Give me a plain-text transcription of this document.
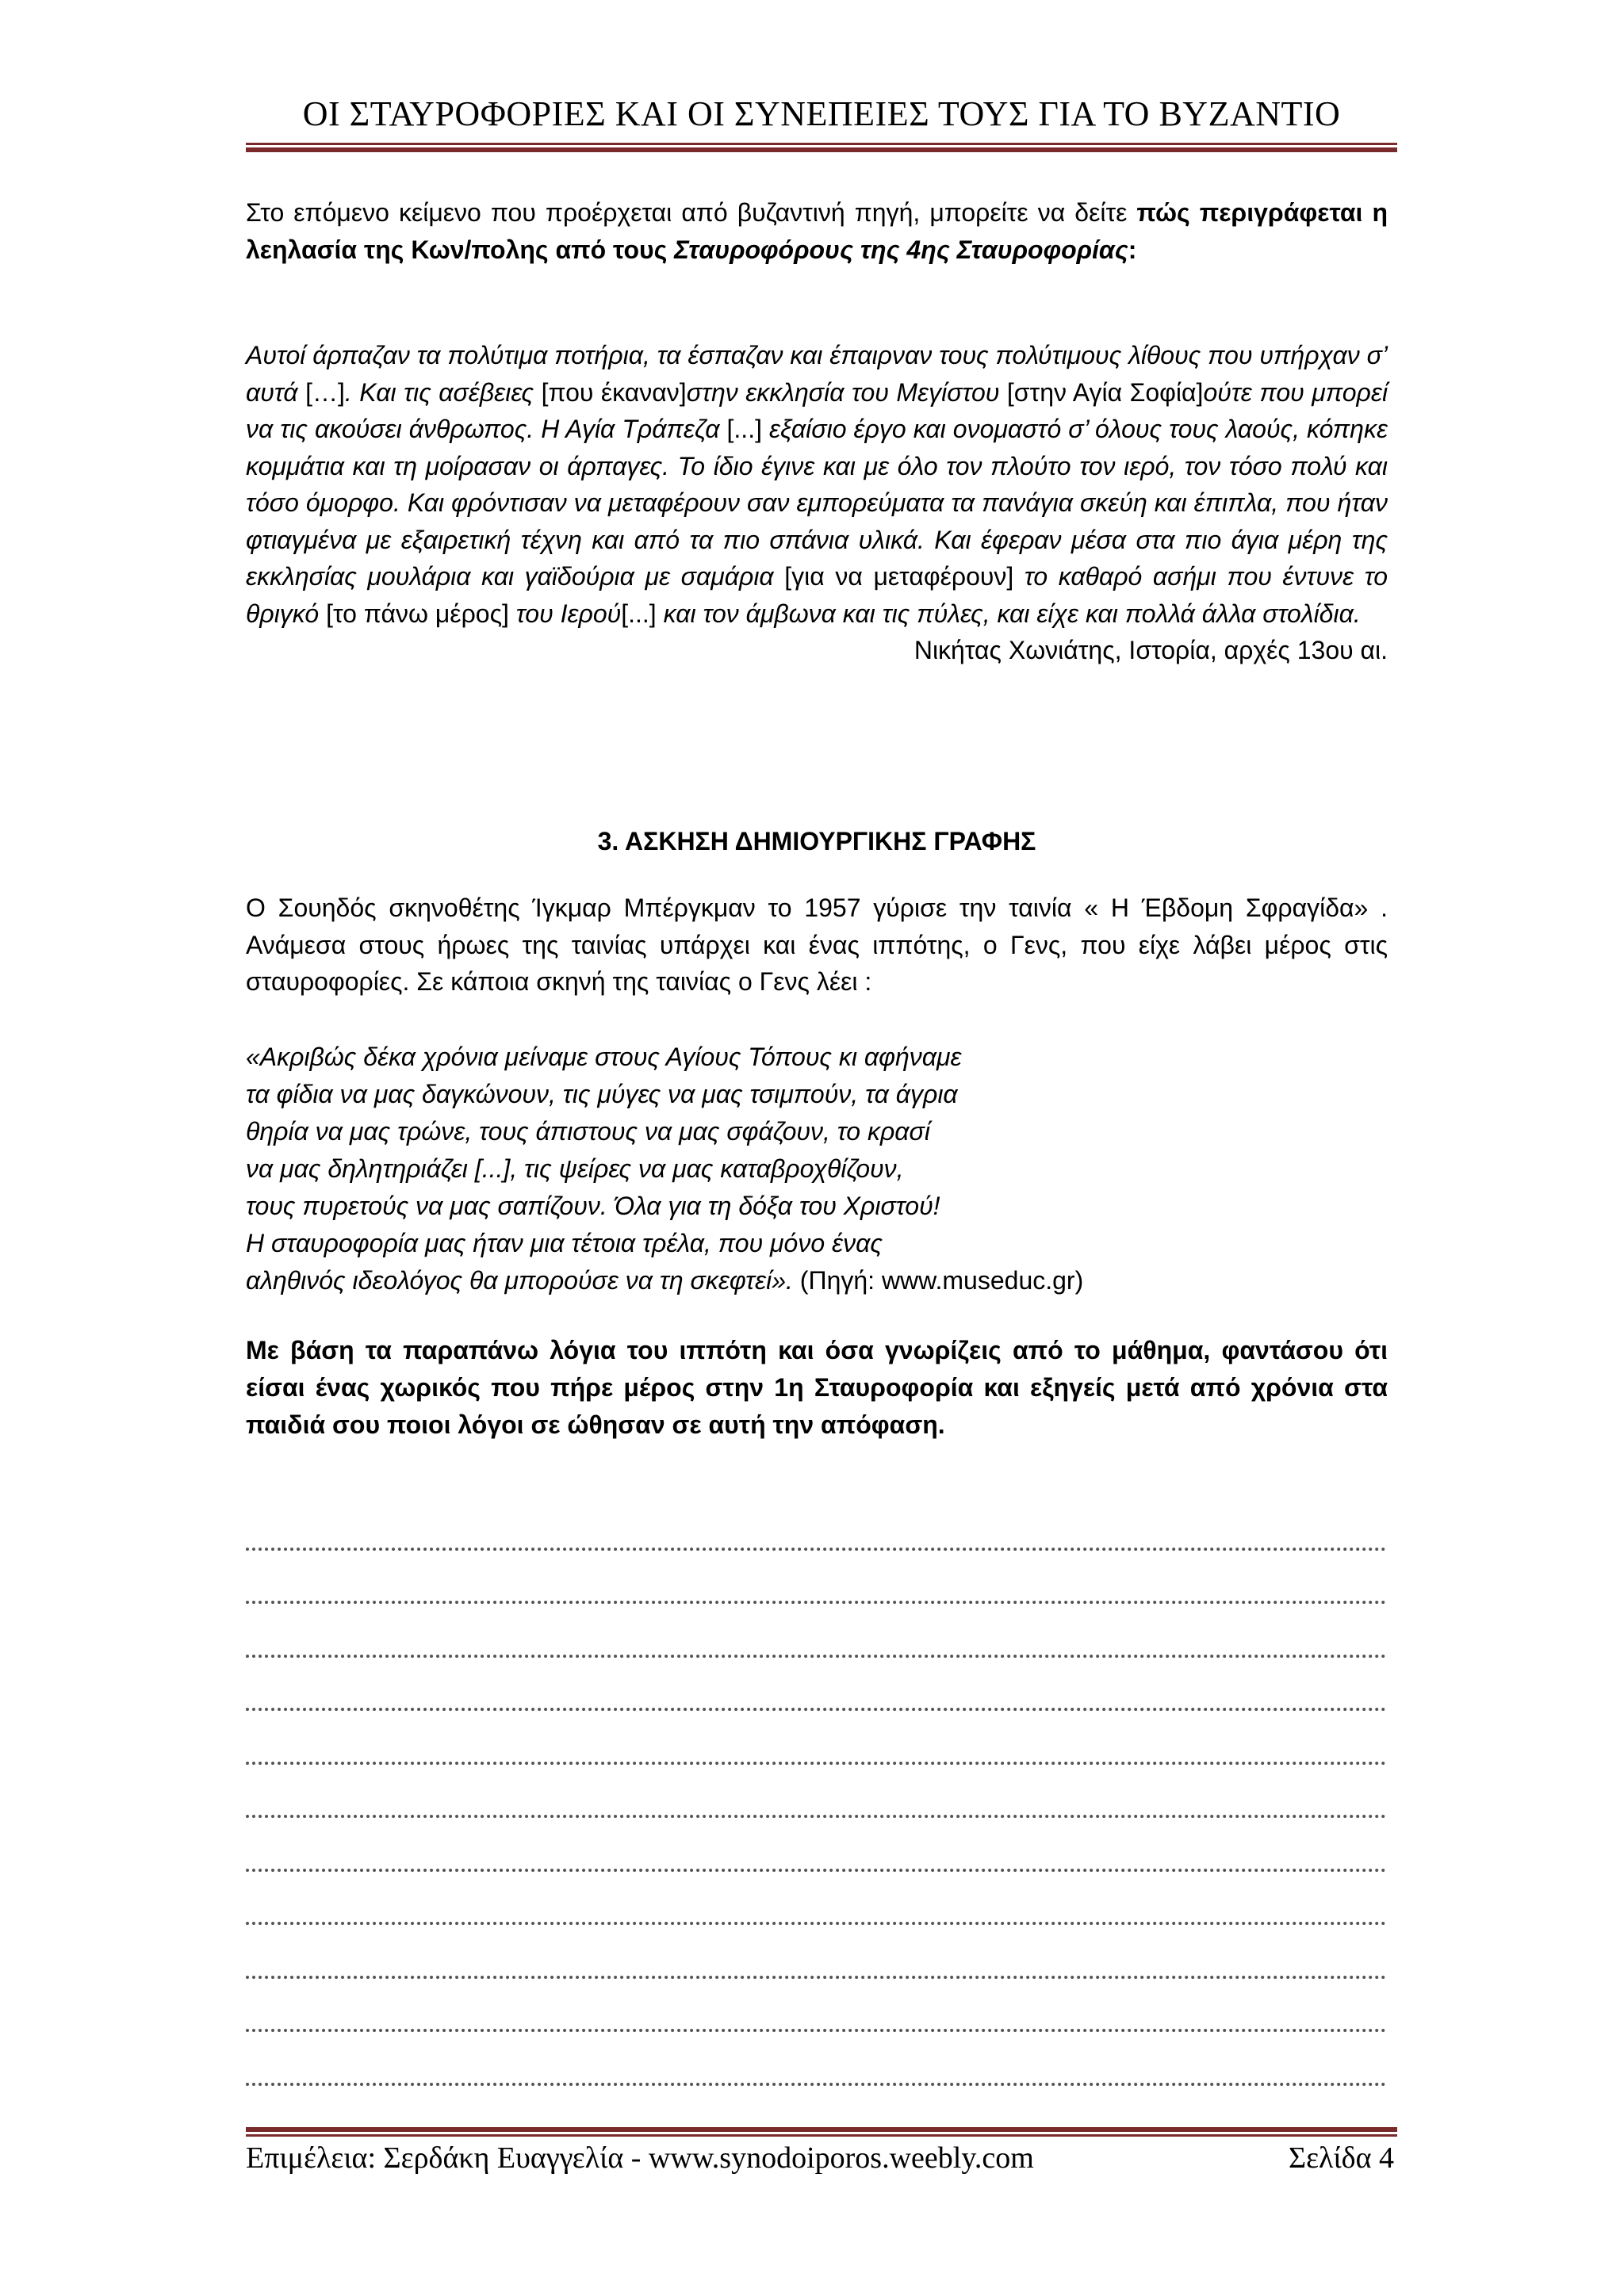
ΟΙ ΣΤΑΥΡΟΦΟΡΙΕΣ ΚΑΙ ΟΙ ΣΥΝΕΠΕΙΕΣ ΤΟΥΣ ΓΙΑ ΤΟ ΒΥΖΑΝΤΙΟ
Στο επόμενο κείμενο που προέρχεται από βυζαντινή πηγή, μπορείτε να δείτε πώς περιγράφεται η λεηλασία της Κων/πολης από τους Σταυροφόρους της 4ης Σταυροφορίας:
Αυτοί άρπαζαν τα πολύτιμα ποτήρια, τα έσπαζαν και έπαιρναν τους πολύτιμους λίθους που υπήρχαν σ’ αυτά […]. Και τις ασέβειες [που έκαναν]στην εκκλησία του Μεγίστου [στην Αγία Σοφία]ούτε που μπορεί να τις ακούσει άνθρωπος. Η Αγία Τράπεζα [...] εξαίσιο έργο και ονομαστό σ’ όλους τους λαούς, κόπηκε κομμάτια και τη μοίρασαν οι άρπαγες. Το ίδιο έγινε και με όλο τον πλούτο τον ιερό, τον τόσο πολύ και τόσο όμορφο. Και φρόντισαν να μεταφέρουν σαν εμπορεύματα τα πανάγια σκεύη και έπιπλα, που ήταν φτιαγμένα με εξαιρετική τέχνη και από τα πιο σπάνια υλικά. Και έφεραν μέσα στα πιο άγια μέρη της εκκλησίας μουλάρια και γαϊδούρια με σαμάρια [για να μεταφέρουν] το καθαρό ασήμι που έντυνε το θριγκό [το πάνω μέρος] του Ιερού[...] και τον άμβωνα και τις πύλες, και είχε και πολλά άλλα στολίδια.
Νικήτας Χωνιάτης, Ιστορία, αρχές 13ου αι.
3. ΑΣΚΗΣΗ ΔΗΜΙΟΥΡΓΙΚΗΣ ΓΡΑΦΗΣ
Ο Σουηδός σκηνοθέτης Ίγκμαρ Μπέργκμαν το 1957 γύρισε την ταινία « Η Έβδομη Σφραγίδα» . Ανάμεσα στους ήρωες της ταινίας υπάρχει και ένας ιππότης, ο Γενς, που είχε λάβει μέρος στις σταυροφορίες. Σε κάποια σκηνή της ταινίας ο Γενς λέει :
«Ακριβώς δέκα χρόνια μείναμε στους Αγίους Τόπους κι αφήναμε
τα φίδια να μας δαγκώνουν, τις μύγες να μας τσιμπούν, τα άγρια
θηρία να μας τρώνε, τους άπιστους να μας σφάζουν, το κρασί
να μας δηλητηριάζει [...], τις ψείρες να μας καταβροχθίζουν,
τους πυρετούς να μας σαπίζουν. Όλα για τη δόξα του Χριστού!
Η σταυροφορία μας ήταν μια τέτοια τρέλα, που μόνο ένας
αληθινός ιδεολόγος θα μπορούσε να τη σκεφτεί». (Πηγή: www.museduc.gr)
Με βάση τα παραπάνω λόγια του ιππότη και όσα γνωρίζεις από το μάθημα, φαντάσου ότι είσαι ένας χωρικός που πήρε μέρος στην 1η Σταυροφορία και εξηγείς μετά από χρόνια στα παιδιά σου ποιοι λόγοι σε ώθησαν σε αυτή την απόφαση.
Επιμέλεια: Σερδάκη Ευαγγελία - www.synodoiporos.weebly.com	Σελίδα 4
